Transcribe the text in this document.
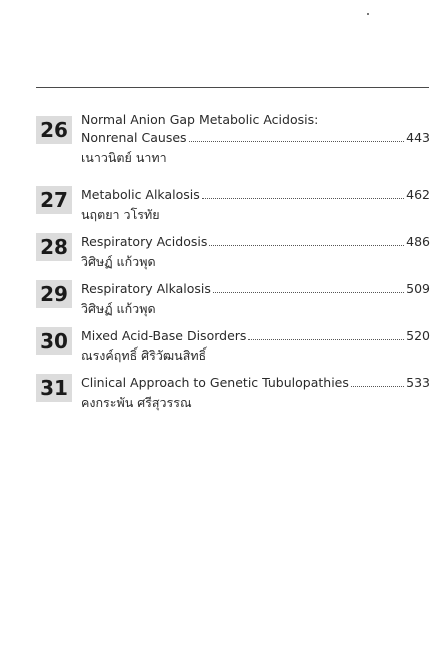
26	Normal Anion Gap Metabolic Acidosis:
Nonrenal Causes	443
เนาวนิตย์ นาทา
27	Metabolic Alkalosis	462
นฤตยา วโรทัย
28	Respiratory Acidosis	486
วิศิษฏ์ แก้วพุด
29	Respiratory Alkalosis	509
วิศิษฏ์ แก้วพุด
30	Mixed Acid-Base Disorders	520
ณรงค์ฤทธิ์ ศิริวัฒนสิทธิ์
31	Clinical Approach to Genetic Tubulopathies	533
คงกระพัน ศรีสุวรรณ
